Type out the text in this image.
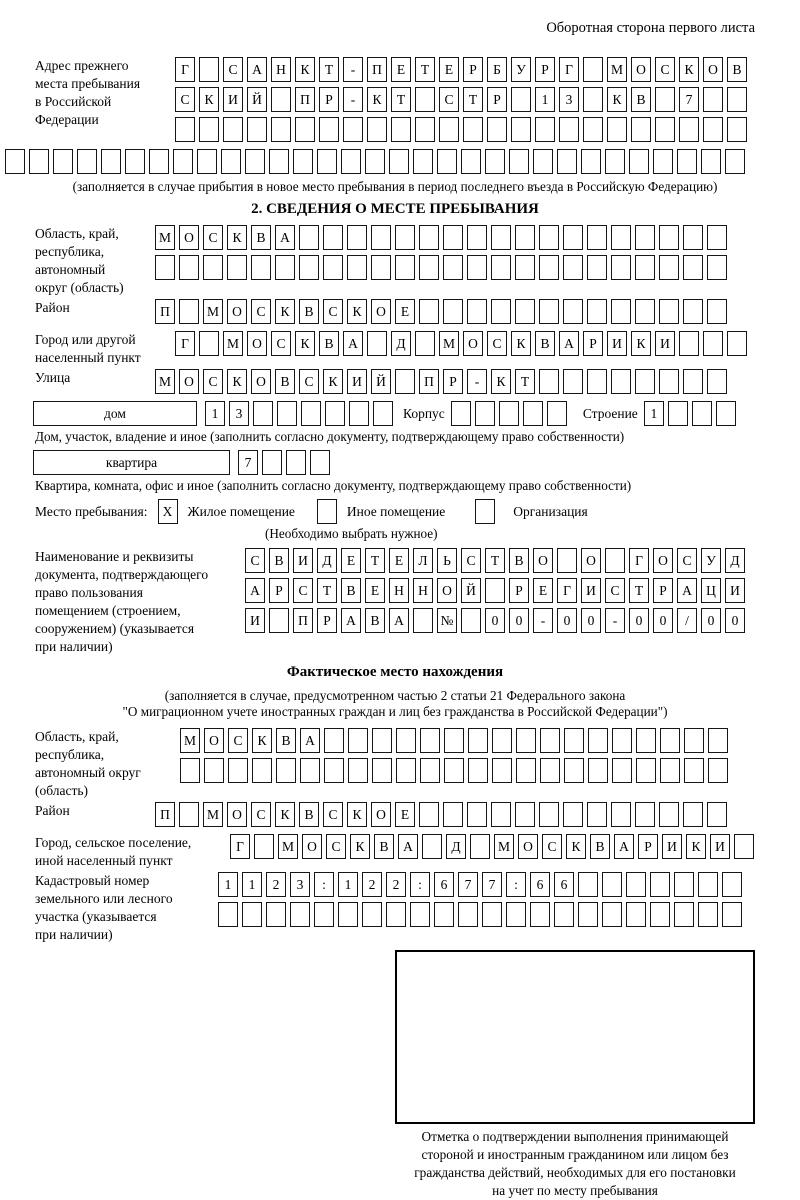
Оборотная сторона первого листа
Адрес прежнего
места пребывания
в Российской
Федерации
Г	С	А	Н	К	Т	-	П	Е	Т	Е	Р	Б	У	Р	Г	М О	С	К	О	В
С	К	И	Й	П	Р	-	К	Т	С	Т	Р	1	3	К	В	7
(заполняется в случае прибытия в новое место пребывания в период последнего въезда в Российскую Федерацию)
2. СВЕДЕНИЯ О МЕСТЕ ПРЕБЫВАНИЯ
Область, край,
республика,
автономный
округ (область)
М О	С	К	В	А
Район	П	М О	С	К	В	С	К	О	Е
Город или другой
населенный пункт
Г	М О	С	К	В	А	Д	М О	С	К	В	А	Р	И	К	И
Улица	М О	С	К	О	В	С	К	И	Й	П	Р	-	К	Т
дом	1	3	Корпус	Строение 1
Дом, участок, владение и иное (заполнить согласно документу, подтверждающему право собственности)
квартира	7
Квартира, комната, офис и иное (заполнить согласно документу, подтверждающему право собственности)
Место пребывания:	X	Жилое помещение	Иное помещение	Организация
(Необходимо выбрать нужное)
Наименование и реквизиты
документа, подтверждающего
право пользования
помещением (строением,
сооружением) (указывается
при наличии)
С	В	И	Д	Е	Т	Е	Л	Ь	С	Т	В	О	О	Г	О	С	У	Д
А	Р	С	Т	В	Е	Н	Н	О	Й	Р	Е	Г	И	С	Т	Р	А	Ц	И
И	П	Р	А	В	А	№	0	0	-	0	0	-	0	0	/	0	0
Фактическое место нахождения
(заполняется в случае, предусмотренном частью 2 статьи 21 Федерального закона
"О миграционном учете иностранных граждан и лиц без гражданства в Российской Федерации")
Область, край,
республика,
автономный округ
(область)
М О	С	К	В	А
Район	П	М О	С	К	В	С	К	О	Е
Город, сельское поселение,
иной населенный пункт
Г	М О	С	К	В	А	Д	М О	С	К	В	А	Р	И	К	И
Кадастровый номер
земельного или лесного
участка (указывается
при наличии)
1	1	2	3	:	1	2	2	:	6	7	7	:	6	6
Отметка о подтверждении выполнения принимающей
стороной и иностранным гражданином или лицом без
гражданства действий, необходимых для его постановки
на учет по месту пребывания
